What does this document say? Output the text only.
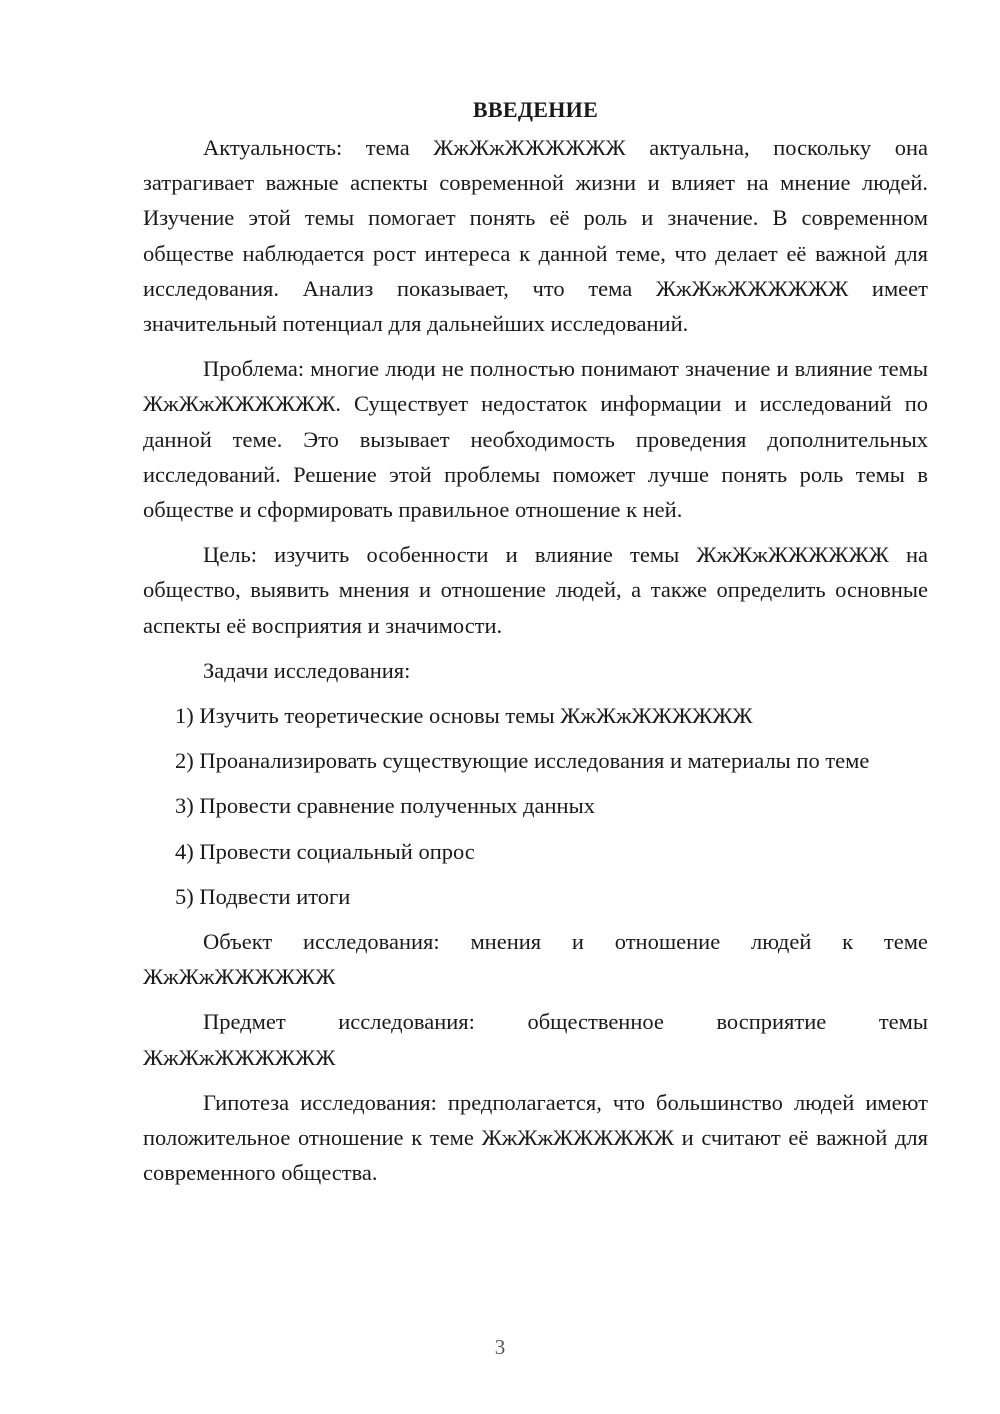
ВВЕДЕНИЕ

Актуальность: тема ЖжЖжЖЖЖЖЖЖ актуальна, поскольку она затрагивает важные аспекты современной жизни и влияет на мнение людей. Изучение этой темы помогает понять её роль и значение. В современном обществе наблюдается рост интереса к данной теме, что делает её важной для исследования. Анализ показывает, что тема ЖжЖжЖЖЖЖЖЖ имеет значительный потенциал для дальнейших исследований.

Проблема: многие люди не полностью понимают значение и влияние темы ЖжЖжЖЖЖЖЖЖ. Существует недостаток информации и исследований по данной теме. Это вызывает необходимость проведения дополнительных исследований. Решение этой проблемы поможет лучше понять роль темы в обществе и сформировать правильное отношение к ней.

Цель: изучить особенности и влияние темы ЖжЖжЖЖЖЖЖЖ на общество, выявить мнения и отношение людей, а также определить основные аспекты её восприятия и значимости.

Задачи исследования:

1) Изучить теоретические основы темы ЖжЖжЖЖЖЖЖЖ

2) Проанализировать существующие исследования и материалы по теме

3) Провести сравнение полученных данных

4) Провести социальный опрос

5) Подвести итоги

Объект исследования: мнения и отношение людей к теме
ЖжЖжЖЖЖЖЖЖ
Предмет исследования: общественное восприятие темы
ЖжЖжЖЖЖЖЖЖ

Гипотеза исследования: предполагается, что большинство людей имеют положительное отношение к теме ЖжЖжЖЖЖЖЖЖ и считают её важной для современного общества.

3
